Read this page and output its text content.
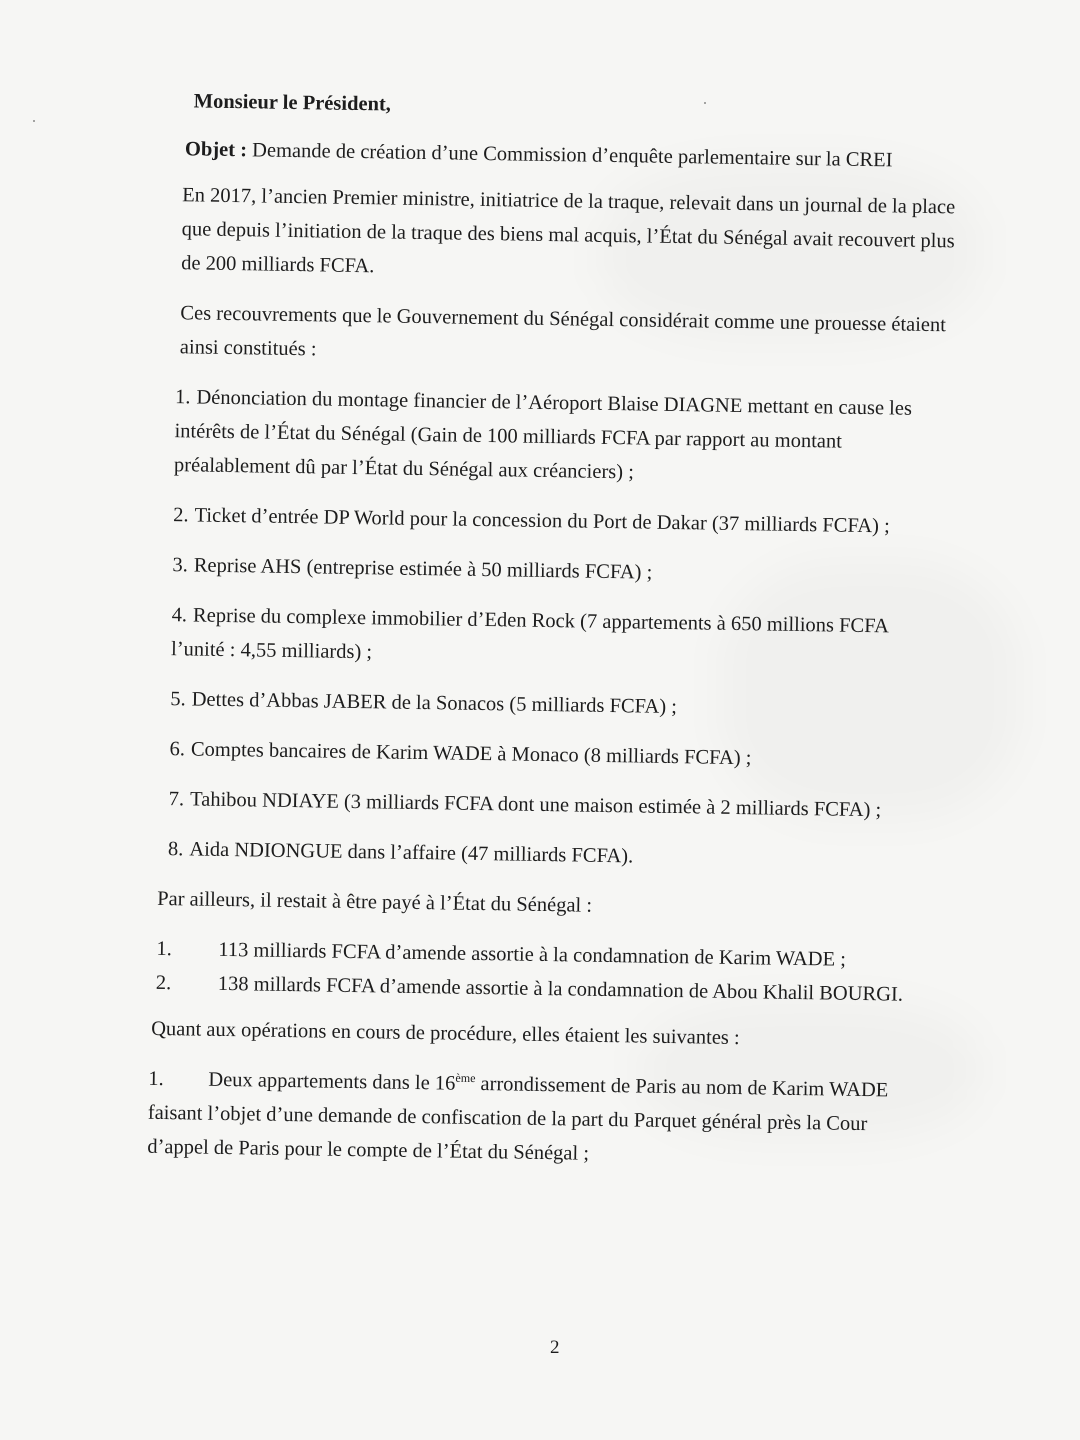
Monsieur le Président,

Objet : Demande de création d’une Commission d’enquête parlementaire sur la CREI

En 2017, l’ancien Premier ministre, initiatrice de la traque, relevait dans un journal de la place
que depuis l’initiation de la traque des biens mal acquis, l’État du Sénégal avait recouvert plus
de 200 milliards FCFA.
Ces recouvrements que le Gouvernement du Sénégal considérait comme une prouesse étaient
ainsi constitués :
1. Dénonciation du montage financier de l’Aéroport Blaise DIAGNE mettant en cause les
intérêts de l’État du Sénégal (Gain de 100 milliards FCFA par rapport au montant
préalablement dû par l’État du Sénégal aux créanciers) ;
2. Ticket d’entrée DP World pour la concession du Port de Dakar (37 milliards FCFA) ;
3. Reprise AHS (entreprise estimée à 50 milliards FCFA) ;
4. Reprise du complexe immobilier d’Eden Rock (7 appartements à 650 millions FCFA
l’unité : 4,55 milliards) ;
5. Dettes d’Abbas JABER de la Sonacos (5 milliards FCFA) ;
6. Comptes bancaires de Karim WADE à Monaco (8 milliards FCFA) ;
7. Tahibou NDIAYE (3 milliards FCFA dont une maison estimée à 2 milliards FCFA) ;
8. Aida NDIONGUE dans l’affaire (47 milliards FCFA).

Par ailleurs, il restait à être payé à l’État du Sénégal :

1.	113 milliards FCFA d’amende assortie à la condamnation de Karim WADE ;
2.	138 millards FCFA d’amende assortie à la condamnation de Abou Khalil BOURGI.

Quant aux opérations en cours de procédure, elles étaient les suivantes :

1. Deux appartements dans le 16ème arrondissement de Paris au nom de Karim WADE
faisant l’objet d’une demande de confiscation de la part du Parquet général près la Cour
d’appel de Paris pour le compte de l’État du Sénégal ;
2
